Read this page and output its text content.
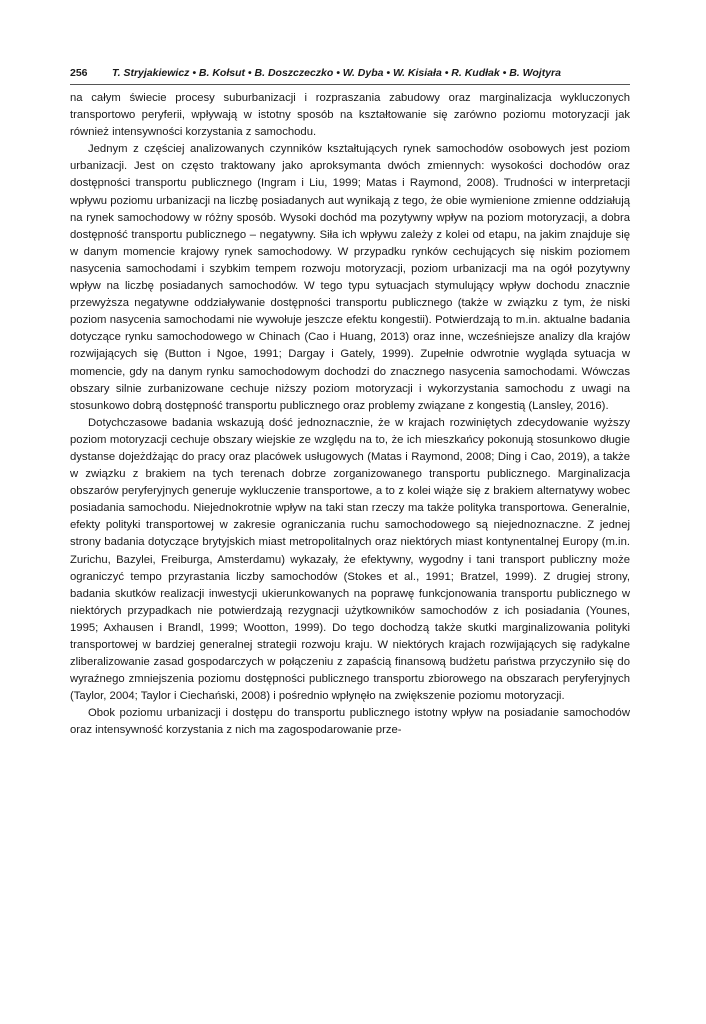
256 T. Stryjakiewicz • B. Kołsut • B. Doszczeczko • W. Dyba • W. Kisiała • R. Kudłak • B. Wojtyra

na całym świecie procesy suburbanizacji i rozpraszania zabudowy oraz marginalizacja wykluczonych transportowo peryferii, wpływają w istotny sposób na kształtowanie się zarówno poziomu motoryzacji jak również intensywności korzystania z samochodu.

Jednym z częściej analizowanych czynników kształtujących rynek samochodów osobowych jest poziom urbanizacji. Jest on często traktowany jako aproksymanta dwóch zmiennych: wysokości dochodów oraz dostępności transportu publicznego (Ingram i Liu, 1999; Matas i Raymond, 2008). Trudności w interpretacji wpływu poziomu urbanizacji na liczbę posiadanych aut wynikają z tego, że obie wymienione zmienne oddziałują na rynek samochodowy w różny sposób. Wysoki dochód ma pozytywny wpływ na poziom motoryzacji, a dobra dostępność transportu publicznego – negatywny. Siła ich wpływu zależy z kolei od etapu, na jakim znajduje się w danym momencie krajowy rynek samochodowy. W przypadku rynków cechujących się niskim poziomem nasycenia samochodami i szybkim tempem rozwoju motoryzacji, poziom urbanizacji ma na ogół pozytywny wpływ na liczbę posiadanych samochodów. W tego typu sytuacjach stymulujący wpływ dochodu znacznie przewyższa negatywne oddziaływanie dostępności transportu publicznego (także w związku z tym, że niski poziom nasycenia samochodami nie wywołuje jeszcze efektu kongestii). Potwierdzają to m.in. aktualne badania dotyczące rynku samochodowego w Chinach (Cao i Huang, 2013) oraz inne, wcześniejsze analizy dla krajów rozwijających się (Button i Ngoe, 1991; Dargay i Gately, 1999). Zupełnie odwrotnie wygląda sytuacja w momencie, gdy na danym rynku samochodowym dochodzi do znacznego nasycenia samochodami. Wówczas obszary silnie zurbanizowane cechuje niższy poziom motoryzacji i wykorzystania samochodu z uwagi na stosunkowo dobrą dostępność transportu publicznego oraz problemy związane z kongestią (Lansley, 2016).

Dotychczasowe badania wskazują dość jednoznacznie, że w krajach rozwiniętych zdecydowanie wyższy poziom motoryzacji cechuje obszary wiejskie ze względu na to, że ich mieszkańcy pokonują stosunkowo długie dystanse dojeżdżając do pracy oraz placówek usługowych (Matas i Raymond, 2008; Ding i Cao, 2019), a także w związku z brakiem na tych terenach dobrze zorganizowanego transportu publicznego. Marginalizacja obszarów peryferyjnych generuje wykluczenie transportowe, a to z kolei wiąże się z brakiem alternatywy wobec posiadania samochodu. Niejednokrotnie wpływ na taki stan rzeczy ma także polityka transportowa. Generalnie, efekty polityki transportowej w zakresie ograniczania ruchu samochodowego są niejednoznaczne. Z jednej strony badania dotyczące brytyjskich miast metropolitalnych oraz niektórych miast kontynentalnej Europy (m.in. Zurichu, Bazylei, Freiburga, Amsterdamu) wykazały, że efektywny, wygodny i tani transport publiczny może ograniczyć tempo przyrastania liczby samochodów (Stokes et al., 1991; Bratzel, 1999). Z drugiej strony, badania skutków realizacji inwestycji ukierunkowanych na poprawę funkcjonowania transportu publicznego w niektórych przypadkach nie potwierdzają rezygnacji użytkowników samochodów z ich posiadania (Younes, 1995; Axhausen i Brandl, 1999; Wootton, 1999). Do tego dochodzą także skutki marginalizowania polityki transportowej w bardziej generalnej strategii rozwoju kraju. W niektórych krajach rozwijających się radykalne zliberalizowanie zasad gospodarczych w połączeniu z zapaścią finansową budżetu państwa przyczyniło się do wyraźnego zmniejszenia poziomu dostępności publicznego transportu zbiorowego na obszarach peryferyjnych (Taylor, 2004; Taylor i Ciechański, 2008) i pośrednio wpłynęło na zwiększenie poziomu motoryzacji.

Obok poziomu urbanizacji i dostępu do transportu publicznego istotny wpływ na posiadanie samochodów oraz intensywność korzystania z nich ma zagospodarowanie prze-
